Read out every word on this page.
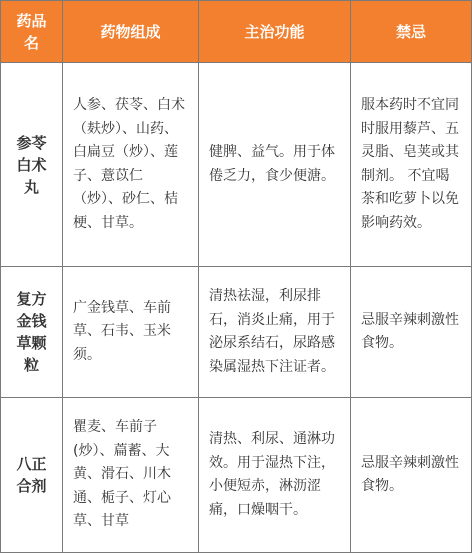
药品名	药物组成	主治功能	禁忌

参苓白术丸	人参、茯苓、白术（麸炒）、山药、白扁豆（炒）、莲子、薏苡仁（炒）、砂仁、桔梗、甘草。	健脾、益气。用于体倦乏力，食少便溏。	服本药时不宜同时服用藜芦、五灵脂、皂荚或其制剂。 不宜喝茶和吃萝卜以免影响药效。

复方金钱草颗粒	广金钱草、车前草、石韦、玉米须。	清热祛湿，利尿排石，消炎止痛，用于泌尿系结石，尿路感染属湿热下注证者。	忌服辛辣刺激性食物。

八正合剂	瞿麦、车前子(炒）、萹蓄、大黄、滑石、川木通、栀子、灯心草、甘草	清热、利尿、通淋功效。用于湿热下注，小便短赤，淋沥涩痛，口燥咽干。	忌服辛辣刺激性食物。
